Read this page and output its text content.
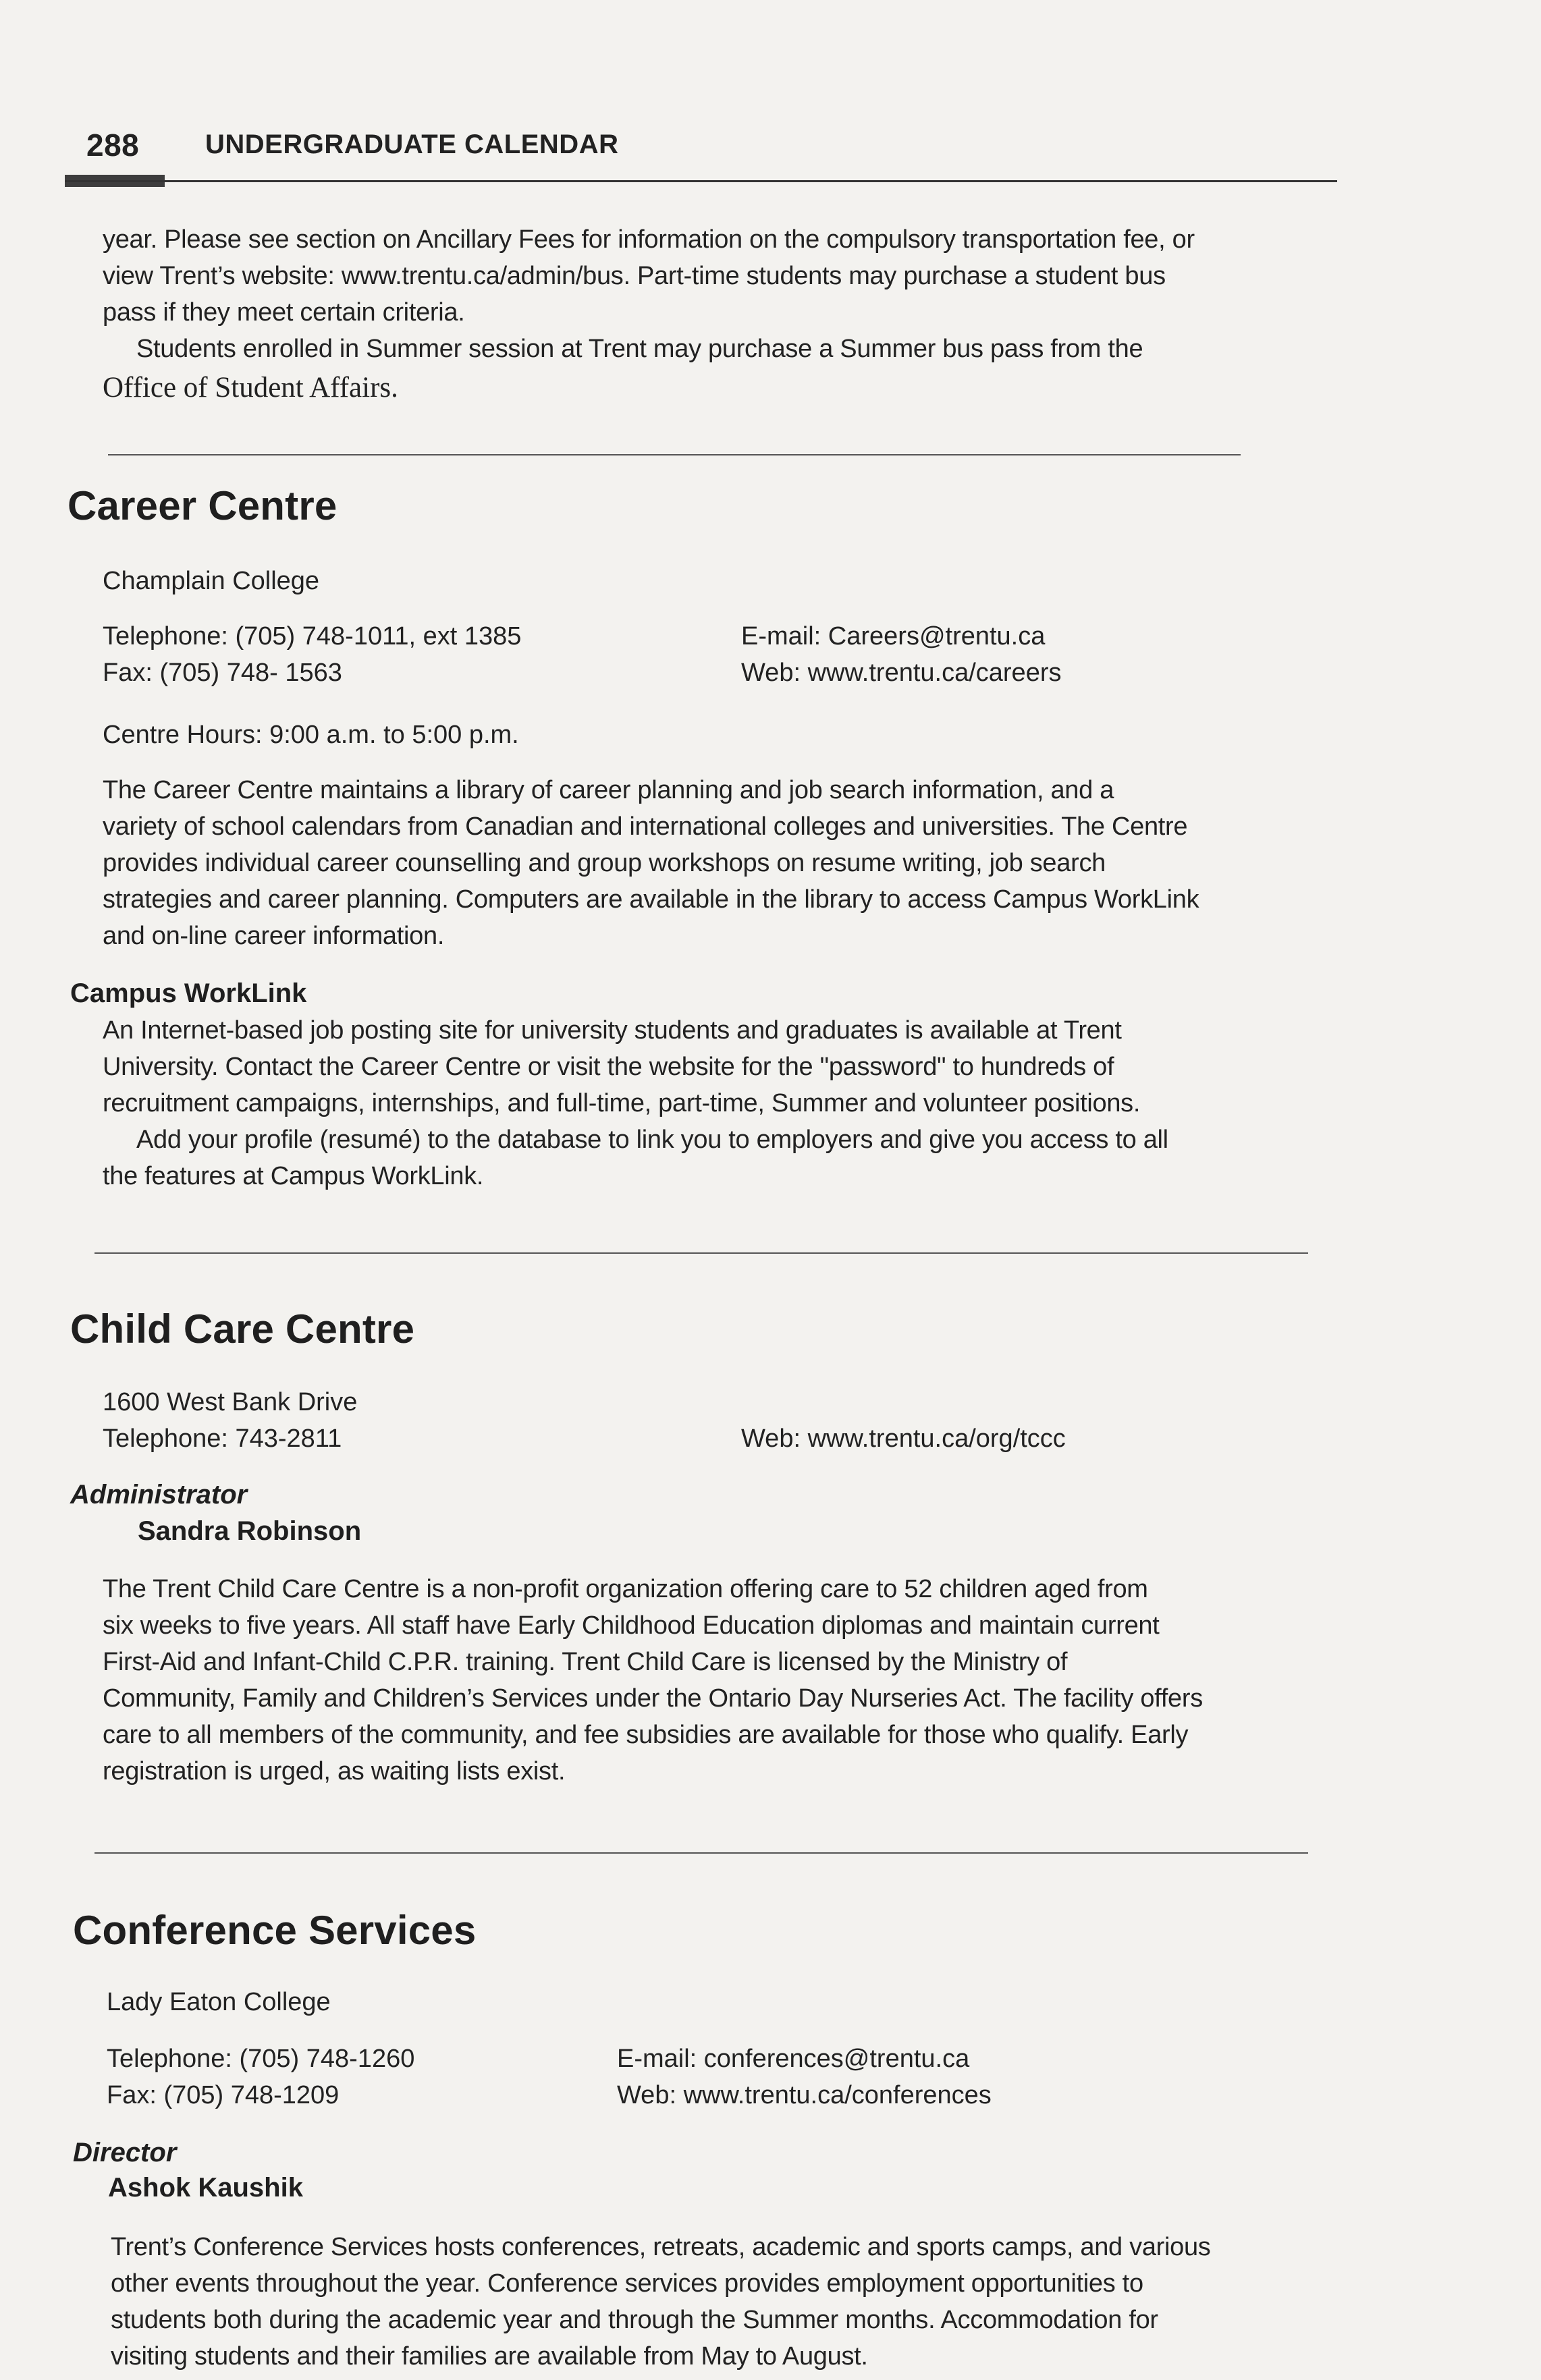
288 UNDERGRADUATE CALENDAR
year. Please see section on Ancillary Fees for information on the compulsory transportation fee, or
view Trent’s website: www.trentu.ca/admin/bus. Part-time students may purchase a student bus
pass if they meet certain criteria.
Students enrolled in Summer session at Trent may purchase a Summer bus pass from the
Office of Student Affairs.
Career Centre
Champlain College
Telephone: (705) 748-1011, ext 1385
Fax: (705) 748- 1563
E-mail: Careers@trentu.ca
Web: www.trentu.ca/careers
Centre Hours: 9:00 a.m. to 5:00 p.m.
The Career Centre maintains a library of career planning and job search information, and a
variety of school calendars from Canadian and international colleges and universities. The Centre
provides individual career counselling and group workshops on resume writing, job search
strategies and career planning. Computers are available in the library to access Campus WorkLink
and on-line career information.
Campus WorkLink
An Internet-based job posting site for university students and graduates is available at Trent
University. Contact the Career Centre or visit the website for the "password" to hundreds of
recruitment campaigns, internships, and full-time, part-time, Summer and volunteer positions.
Add your profile (resumé) to the database to link you to employers and give you access to all
the features at Campus WorkLink.
Child Care Centre
1600 West Bank Drive
Telephone: 743-2811	Web: www.trentu.ca/org/tccc
Administrator
Sandra Robinson
The Trent Child Care Centre is a non-profit organization offering care to 52 children aged from
six weeks to five years. All staff have Early Childhood Education diplomas and maintain current
First-Aid and Infant-Child C.P.R. training. Trent Child Care is licensed by the Ministry of
Community, Family and Children’s Services under the Ontario Day Nurseries Act. The facility offers
care to all members of the community, and fee subsidies are available for those who qualify. Early
registration is urged, as waiting lists exist.
Conference Services
Lady Eaton College
Telephone: (705) 748-1260
Fax: (705) 748-1209
E-mail: conferences@trentu.ca
Web: www.trentu.ca/conferences
Director
Ashok Kaushik
Trent’s Conference Services hosts conferences, retreats, academic and sports camps, and various
other events throughout the year. Conference services provides employment opportunities to
students both during the academic year and through the Summer months. Accommodation for
visiting students and their families are available from May to August.
